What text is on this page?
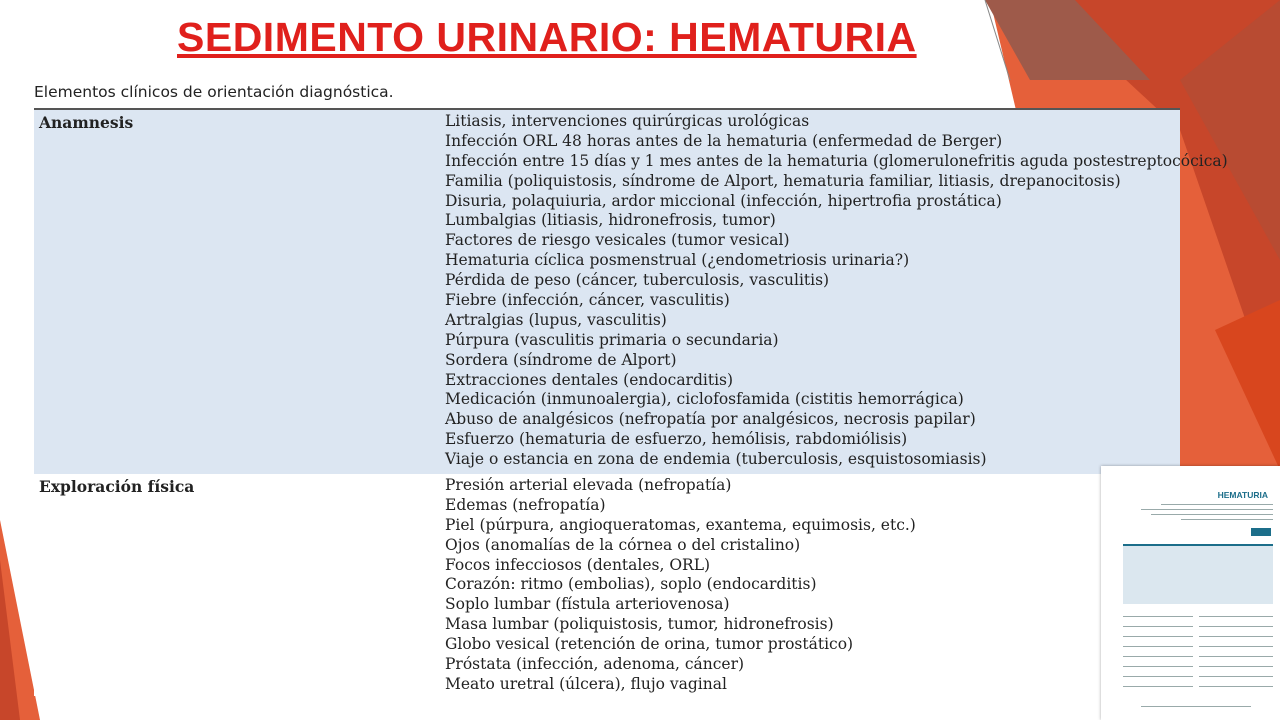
SEDIMENTO URINARIO: HEMATURIA
Elementos clínicos de orientación diagnóstica.
Anamnesis	Litiasis, intervenciones quirúrgicas urológicas
Infección ORL 48 horas antes de la hematuria (enfermedad de Berger)
Infección entre 15 días y 1 mes antes de la hematuria (glomerulonefritis aguda postestreptocócica)
Familia (poliquistosis, síndrome de Alport, hematuria familiar, litiasis, drepanocitosis)
Disuria, polaquiuria, ardor miccional (infección, hipertrofia prostática)
Lumbalgias (litiasis, hidronefrosis, tumor)
Factores de riesgo vesicales (tumor vesical)
Hematuria cíclica posmenstrual (¿endometriosis urinaria?)
Pérdida de peso (cáncer, tuberculosis, vasculitis)
Fiebre (infección, cáncer, vasculitis)
Artralgias (lupus, vasculitis)
Púrpura (vasculitis primaria o secundaria)
Sordera (síndrome de Alport)
Extracciones dentales (endocarditis)
Medicación (inmunoalergia), ciclofosfamida (cistitis hemorrágica)
Abuso de analgésicos (nefropatía por analgésicos, necrosis papilar)
Esfuerzo (hematuria de esfuerzo, hemólisis, rabdomiólisis)
Viaje o estancia en zona de endemia (tuberculosis, esquistosomiasis)
Exploración física	Presión arterial elevada (nefropatía)
Edemas (nefropatía)
Piel (púrpura, angioqueratomas, exantema, equimosis, etc.)
Ojos (anomalías de la córnea o del cristalino)
Focos infecciosos (dentales, ORL)
Corazón: ritmo (embolias), soplo (endocarditis)
Soplo lumbar (fístula arteriovenosa)
Masa lumbar (poliquistosis, tumor, hidronefrosis)
Globo vesical (retención de orina, tumor prostático)
Próstata (infección, adenoma, cáncer)
Meato uretral (úlcera), flujo vaginal
HEMATURIA
